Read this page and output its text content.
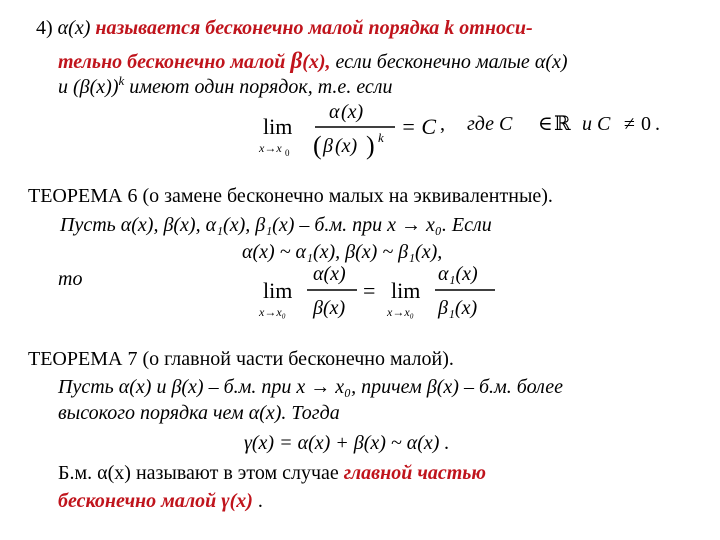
4) α(x) называется бесконечно малой порядка k относи-
тельно бесконечно малой β(x), если бесконечно малые α(x)
и $(\beta(x))^k$ имеют один порядок, т.е. если
lim
x→x 0
α (x)
( β (x) ) k = C , где C ∈ ℝ и C ≠ 0 .
ТЕОРЕМА 6 (о замене бесконечно малых на эквивалентные).
Пусть α(x), β(x), α₁(x), β₁(x) – б.м. при x → x₀. Если
α(x) ~ α₁(x), β(x) ~ β₁(x),
то	lim
x→x₀
α(x)
β(x)
= lim
x→x₀
α₁(x)
β₁(x)
ТЕОРЕМА 7 (о главной части бесконечно малой).
Пусть α(x) и β(x) – б.м. при x → x₀, причем β(x) – б.м. более
высокого порядка чем α(x). Тогда
γ(x) = α(x) + β(x) ~ α(x) .
Б.м. α(x) называют в этом случае главной частью
бесконечно малой γ(x) .
